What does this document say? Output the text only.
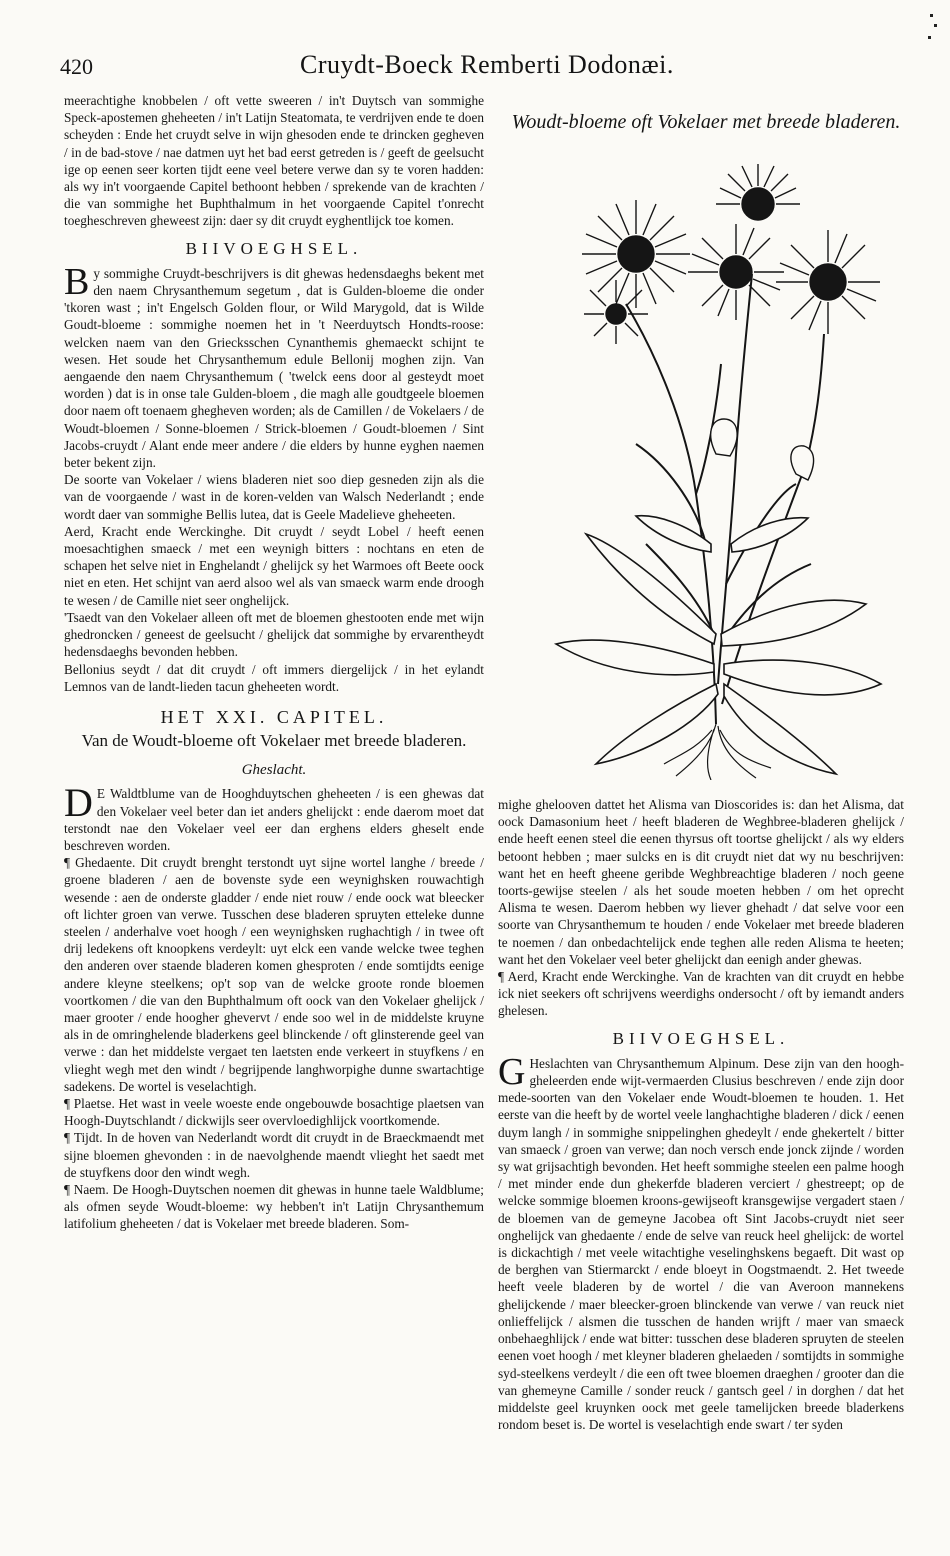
420	Cruydt-Boeck Remberti Dodonæi.

meerachtighe knobbelen / oft vette sweeren / in't Duytsch van sommighe Speck-apostemen gheheeten / in't Latijn Steatomata, te verdrijven ende te doen scheyden : Ende het cruydt selve in wijn ghesoden ende te drincken gegheven / in de bad-stove / nae datmen uyt het bad eerst getreden is / geeft de geelsucht ige op eenen seer korten tijdt eene veel betere verwe dan sy te voren hadden: als wy in't voorgaende Capitel bethoont hebben / sprekende van de krachten / die van sommighe het Buphthalmum in het voorgaende Capitel t'onrecht toegheschreven gheweest zijn: daer sy dit cruydt eyghentlijck toe komen.

BIIVOEGHSEL.

By sommighe Cruydt-beschrijvers is dit ghewas hedensdaeghs bekent met den naem Chrysanthemum segetum , dat is Gulden-bloeme die onder 'tkoren wast ; in't Engelsch Golden flour, or Wild Marygold, dat is Wilde Goudt-bloeme : sommighe noemen het in 't Neerduytsch Hondts-roose: welcken naem van den Griecksschen Cynanthemis ghemaeckt schijnt te wesen. Het soude het Chrysanthemum edule Bellonij moghen zijn. Van aengaende den naem Chrysanthemum ( 'twelck eens door al gesteydt moet worden ) dat is in onse tale Gulden-bloem , die magh alle goudtgeele bloemen door naem oft toenaem ghegheven worden; als de Camillen / de Vokelaers / de Woudt-bloemen / Sonne-bloemen / Strick-bloemen / Goudt-bloemen / Sint Jacobs-cruydt / Alant ende meer andere / die elders by hunne eyghen naemen beter bekent zijn.

De soorte van Vokelaer / wiens bladeren niet soo diep gesneden zijn als die van de voorgaende / wast in de koren-velden van Walsch Nederlandt ; ende wordt daer van sommighe Bellis lutea, dat is Geele Madelieve gheheeten.

Aerd, Kracht ende Werckinghe. Dit cruydt / seydt Lobel / heeft eenen moesachtighen smaeck / met een weynigh bitters : nochtans en eten de schapen het selve niet in Enghelandt / ghelijck sy het Warmoes oft Beete oock niet en eten. Het schijnt van aerd alsoo wel als van smaeck warm ende droogh te wesen / de Camille niet seer onghelijck.

'Tsaedt van den Vokelaer alleen oft met de bloemen ghestooten ende met wijn ghedroncken / geneest de geelsucht / ghelijck dat sommighe by ervarentheydt hedensdaeghs bevonden hebben.

Bellonius seydt / dat dit cruydt / oft immers diergelijck / in het eylandt Lemnos van de landt-lieden tacun gheheeten wordt.

HET XXI. CAPITEL.
Van de Woudt-bloeme oft Vokelaer met breede bladeren.
Gheslacht.

DE Waldtblume van de Hooghduytschen gheheeten / is een ghewas dat den Vokelaer veel beter dan iet anders ghelijckt : ende daerom moet dat terstondt nae den Vokelaer veel eer dan erghens elders gheselt ende beschreven worden.

¶ Ghedaente. Dit cruydt brenght terstondt uyt sijne wortel langhe / breede / groene bladeren / aen de bovenste syde een weynighsken rouwachtigh wesende : aen de onderste gladder / ende niet rouw / ende oock wat bleecker oft lichter groen van verwe. Tusschen dese bladeren spruyten etteleke dunne steelen / anderhalve voet hoogh / een weynighsken rughachtigh / in twee oft drij ledekens oft knoopkens verdeylt: uyt elck een vande welcke twee teghen den anderen over staende bladeren komen ghesproten / ende somtijdts eenige andere kleyne steelkens; op't sop van de welcke groote ronde bloemen voortkomen / die van den Buphthalmum oft oock van den Vokelaer ghelijck / maer grooter / ende hoogher ghevervt / ende soo wel in de middelste kruyne als in de omringhelende bladerkens geel blinckende / oft glinsterende geel van verwe : dan het middelste vergaet ten laetsten ende verkeert in stuyfkens / en vlieght wegh met den windt / begrijpende langhworpighe dunne swartachtige sadekens. De wortel is veselachtigh.

¶ Plaetse. Het wast in veele woeste ende ongebouwde bosachtige plaetsen van Hoogh-Duytschlandt / dickwijls seer overvloedighlijck voortkomende.

¶ Tijdt. In de hoven van Nederlandt wordt dit cruydt in de Braeckmaendt met sijne bloemen ghevonden : in de naevolghende maendt vlieght het saedt met de stuyfkens door den windt wegh.

¶ Naem. De Hoogh-Duytschen noemen dit ghewas in hunne taele Waldblume; als ofmen seyde Woudt-bloeme: wy hebben't in't Latijn Chrysanthemum latifolium gheheeten / dat is Vokelaer met breede bladeren. Som-

Woudt-bloeme oft Vokelaer met breede bladeren.

mighe ghelooven dattet het Alisma van Dioscorides is: dan het Alisma, dat oock Damasonium heet / heeft bladeren de Weghbree-bladeren ghelijck / ende heeft eenen steel die eenen thyrsus oft toortse ghelijckt / als wy elders betoont hebben ; maer sulcks en is dit cruydt niet dat wy nu beschrijven: want het en heeft gheene geribde Weghbreachtige bladeren / noch geene toorts-gewijse steelen / als het soude moeten hebben / om het oprecht Alisma te wesen. Daerom hebben wy liever ghehadt / dat selve voor een soorte van Chrysanthemum te houden / ende Vokelaer met breede bladeren te noemen / dan onbedachtelijck ende teghen alle reden Alisma te heeten; want het den Vokelaer veel beter ghelijckt dan eenigh ander ghewas.

¶ Aerd, Kracht ende Werckinghe. Van de krachten van dit cruydt en hebbe ick niet seekers oft schrijvens weerdighs ondersocht / oft by iemandt anders ghelesen.

BIIVOEGHSEL.

GHeslachten van Chrysanthemum Alpinum. Dese zijn van den hoogh-gheleerden ende wijt-vermaerden Clusius beschreven / ende zijn door mede-soorten van den Vokelaer ende Woudt-bloemen te houden. 1. Het eerste van die heeft by de wortel veele langhachtighe bladeren / dick / eenen duym langh / in sommighe snippelinghen ghedeylt / ende ghekertelt / bitter van smaeck / groen van verwe; dan noch versch ende jonck zijnde / worden sy wat grijsachtigh bevonden. Het heeft sommighe steelen een palme hoogh / met minder ende dun ghekerfde bladeren verciert / ghestreept; op de welcke sommige bloemen kroons-gewijseoft kransgewijse vergadert staen / de bloemen van de gemeyne Jacobea oft Sint Jacobs-cruydt niet seer onghelijck van ghedaente / ende de selve van reuck heel ghelijck: de wortel is dickachtigh / met veele witachtighe veselinghskens begaeft. Dit wast op de berghen van Stiermarckt / ende bloeyt in Oogstmaendt. 2. Het tweede heeft veele bladeren by de wortel / die van Averoon mannekens ghelijckende / maer bleecker-groen blinckende van verwe / van reuck niet onlieffelijck / alsmen die tusschen de handen wrijft / maer van smaeck onbehaeghlijck / ende wat bitter: tusschen dese bladeren spruyten de steelen eenen voet hoogh / met kleyner bladeren ghelaeden / somtijdts in sommighe syd-steelkens verdeylt / die een oft twee bloemen draeghen / grooter dan die van ghemeyne Camille / sonder reuck / gantsch geel / in dorghen / dat het middelste geel kruynken oock met geele tamelijcken breede bladerkens rondom beset is. De wortel is veselachtigh ende swart / ter syden
